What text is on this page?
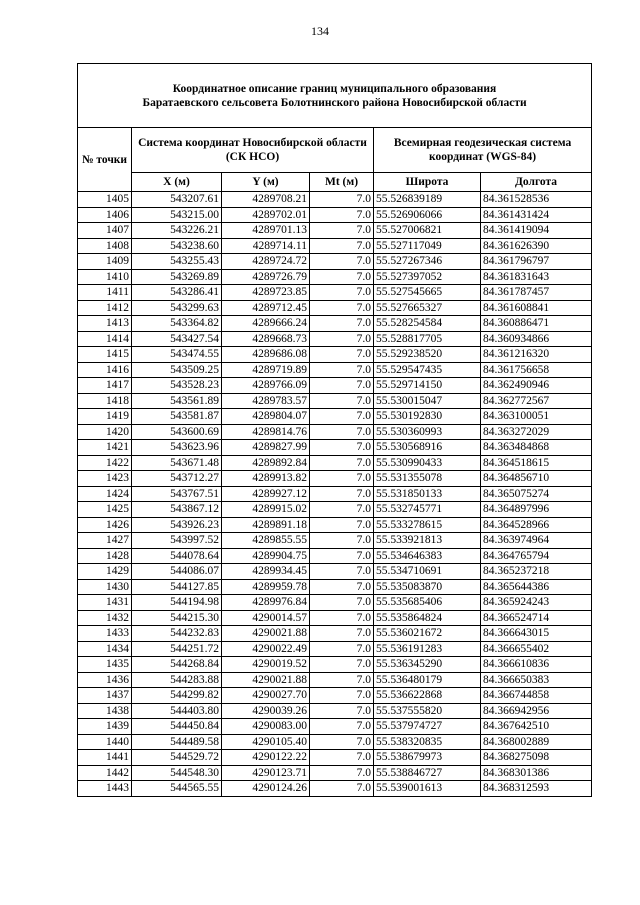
134
Координатное описание границ муниципального образования
Баратаевского сельсовета Болотнинского района Новосибирской области					

№ точки	Система координат Новосибирской области (СК НСО)			Всемирная геодезическая система координат (WGS-84)	
	X (м)	Y (м)	Mt (м)	Широта	Долгота
1405	543207.61	4289708.21	7.0	55.526839189	84.361528536
1406	543215.00	4289702.01	7.0	55.526906066	84.361431424
1407	543226.21	4289701.13	7.0	55.527006821	84.361419094
1408	543238.60	4289714.11	7.0	55.527117049	84.361626390
1409	543255.43	4289724.72	7.0	55.527267346	84.361796797
1410	543269.89	4289726.79	7.0	55.527397052	84.361831643
1411	543286.41	4289723.85	7.0	55.527545665	84.361787457
1412	543299.63	4289712.45	7.0	55.527665327	84.361608841
1413	543364.82	4289666.24	7.0	55.528254584	84.360886471
1414	543427.54	4289668.73	7.0	55.528817705	84.360934866
1415	543474.55	4289686.08	7.0	55.529238520	84.361216320
1416	543509.25	4289719.89	7.0	55.529547435	84.361756658
1417	543528.23	4289766.09	7.0	55.529714150	84.362490946
1418	543561.89	4289783.57	7.0	55.530015047	84.362772567
1419	543581.87	4289804.07	7.0	55.530192830	84.363100051
1420	543600.69	4289814.76	7.0	55.530360993	84.363272029
1421	543623.96	4289827.99	7.0	55.530568916	84.363484868
1422	543671.48	4289892.84	7.0	55.530990433	84.364518615
1423	543712.27	4289913.82	7.0	55.531355078	84.364856710
1424	543767.51	4289927.12	7.0	55.531850133	84.365075274
1425	543867.12	4289915.02	7.0	55.532745771	84.364897996
1426	543926.23	4289891.18	7.0	55.533278615	84.364528966
1427	543997.52	4289855.55	7.0	55.533921813	84.363974964
1428	544078.64	4289904.75	7.0	55.534646383	84.364765794
1429	544086.07	4289934.45	7.0	55.534710691	84.365237218
1430	544127.85	4289959.78	7.0	55.535083870	84.365644386
1431	544194.98	4289976.84	7.0	55.535685406	84.365924243
1432	544215.30	4290014.57	7.0	55.535864824	84.366524714
1433	544232.83	4290021.88	7.0	55.536021672	84.366643015
1434	544251.72	4290022.49	7.0	55.536191283	84.366655402
1435	544268.84	4290019.52	7.0	55.536345290	84.366610836
1436	544283.88	4290021.88	7.0	55.536480179	84.366650383
1437	544299.82	4290027.70	7.0	55.536622868	84.366744858
1438	544403.80	4290039.26	7.0	55.537555820	84.366942956
1439	544450.84	4290083.00	7.0	55.537974727	84.367642510
1440	544489.58	4290105.40	7.0	55.538320835	84.368002889
1441	544529.72	4290122.22	7.0	55.538679973	84.368275098
1442	544548.30	4290123.71	7.0	55.538846727	84.368301386
1443	544565.55	4290124.26	7.0	55.539001613	84.368312593
